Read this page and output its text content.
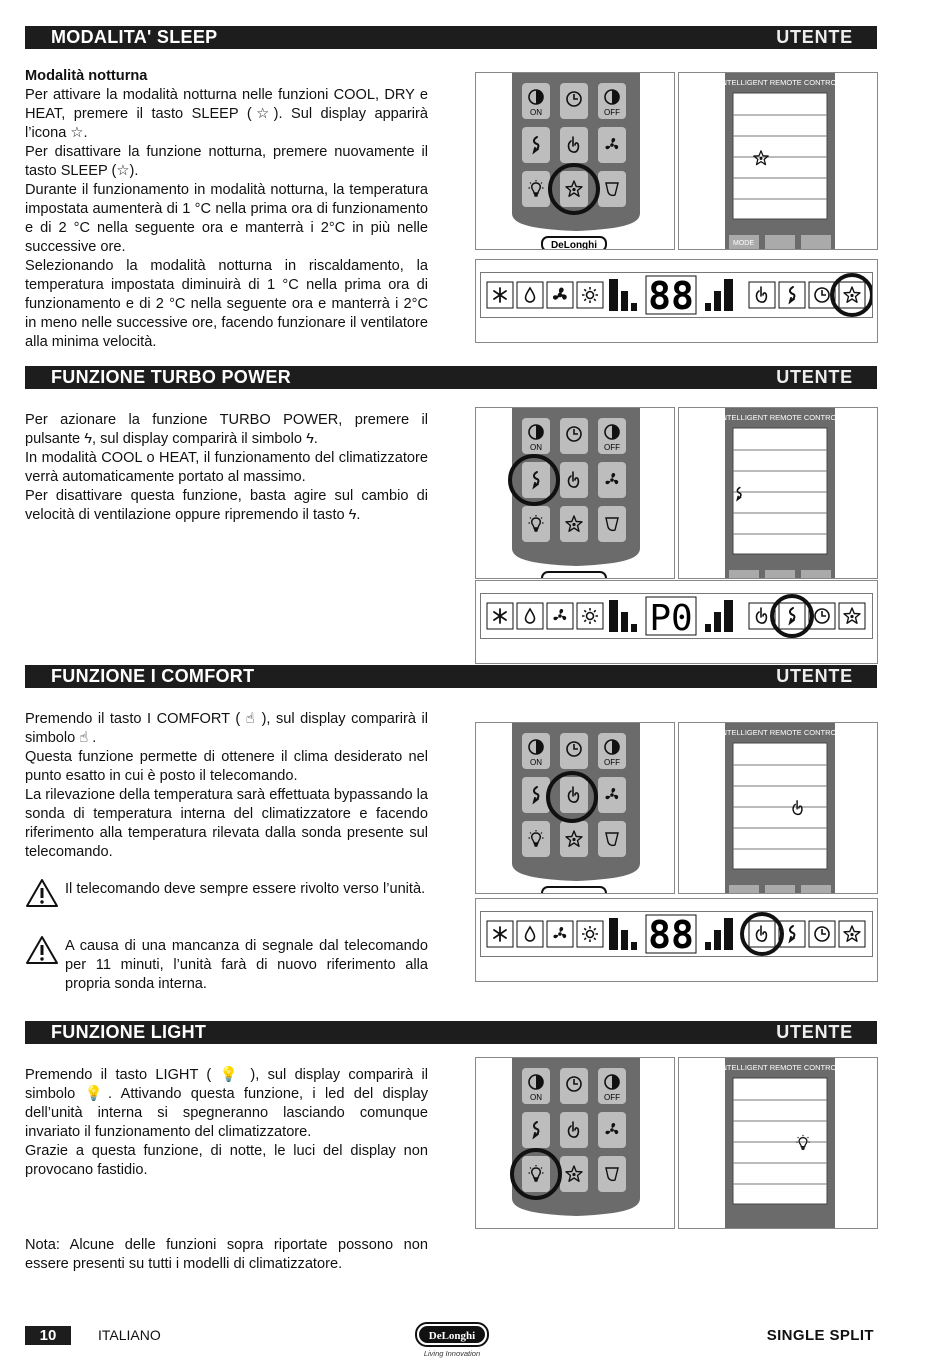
MODALITA' SLEEP	UTENTE

Modalità notturna

Per attivare la modalità notturna nelle funzioni COOL, DRY e HEAT, premere il tasto SLEEP (☆). Sul display apparirà l’icona ☆.

Per disattivare la funzione notturna, premere nuovamente il tasto SLEEP (☆).

Durante il funzionamento in modalità notturna, la temperatura impostata aumenterà di 1 °C nella prima ora di funzionamento e di 2 °C nella seguente ora e manterrà i 2°C in più nelle successive ore.

Selezionando la modalità notturna in riscaldamento, la temperatura impostata diminuirà di 1 °C nella prima ora di funzionamento e di 2 °C nella seguente ora e manterrà i 2°C in meno nelle successive ore, facendo funzionare il ventilatore alla minima velocità.

ON	OFF
DeLonghi
INTELLIGENT REMOTE CONTROL
MODE
88
FUNZIONE TURBO POWER	UTENTE

Per azionare la funzione TURBO POWER, premere il pulsante ϟ, sul display comparirà il simbolo ϟ.

In modalità COOL o HEAT, il funzionamento del climatizzatore verrà automaticamente portato al massimo.

Per disattivare questa funzione, basta agire sul cambio di velocità di ventilazione oppure ripremendo il tasto ϟ.

ON	OFF
INTELLIGENT REMOTE CONTROL
P0
FUNZIONE I COMFORT	UTENTE

Premendo il tasto I COMFORT ( ☝ ), sul display comparirà il simbolo ☝ .

Questa funzione permette di ottenere il clima desiderato nel punto esatto in cui è posto il telecomando.

La rilevazione della temperatura sarà effettuata bypassando la sonda di temperatura interna del climatizzatore e facendo riferimento alla temperatura rilevata dalla sonda presente sul telecomando.

Il telecomando deve sempre essere rivolto verso l’unità.

A causa di una mancanza di segnale dal telecomando per 11 minuti, l’unità farà di nuovo riferimento alla propria sonda interna.

ON	OFF
INTELLIGENT REMOTE CONTROL
88
FUNZIONE LIGHT	UTENTE

Premendo il tasto LIGHT ( 💡 ), sul display comparirà il simbolo 💡. Attivando questa funzione, i led del display dell’unità interna si spegneranno lasciando comunque invariato il funzionamento del climatizzatore.

Grazie a questa funzione, di notte, le luci del display non provocano fastidio.

Nota: Alcune delle funzioni sopra riportate possono non essere presenti su tutti i modelli di climatizzatore.

ON	OFF
INTELLIGENT REMOTE CONTROL
10	ITALIANO	DeLonghi
Living Innovation
SINGLE SPLIT
